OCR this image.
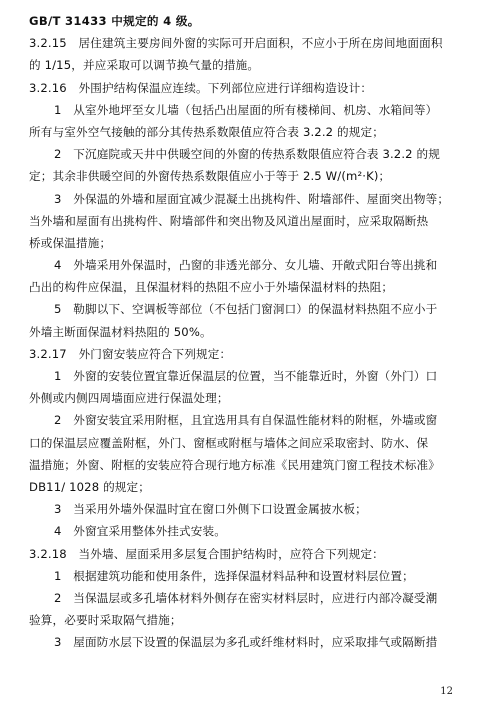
GB/T 31433 中规定的 4 级。
3.2.15　居住建筑主要房间外窗的实际可开启面积，不应小于所在房间地面面积
的 1/15，并应采取可以调节换气量的措施。
3.2.16　外围护结构保温应连续。下列部位应进行详细构造设计：
1　从室外地坪至女儿墙（包括凸出屋面的所有楼梯间、机房、水箱间等）
所有与室外空气接触的部分其传热系数限值应符合表 3.2.2 的规定；
2　下沉庭院或天井中供暖空间的外窗的传热系数限值应符合表 3.2.2 的规
定；其余非供暖空间的外窗传热系数限值应小于等于 2.5 W/(m²·K)；
3　外保温的外墙和屋面宜减少混凝土出挑构件、附墙部件、屋面突出物等；
当外墙和屋面有出挑构件、附墙部件和突出物及风道出屋面时，应采取隔断热
桥或保温措施；
4　外墙采用外保温时，凸窗的非透光部分、女儿墙、开敞式阳台等出挑和
凸出的构件应保温，且保温材料的热阻不应小于外墙保温材料的热阻；
5　勒脚以下、空调板等部位（不包括门窗洞口）的保温材料热阻不应小于
外墙主断面保温材料热阻的 50%。
3.2.17　外门窗安装应符合下列规定：
1　外窗的安装位置宜靠近保温层的位置，当不能靠近时，外窗（外门）口
外侧或内侧四周墙面应进行保温处理；
2　外窗安装宜采用附框，且宜选用具有自保温性能材料的附框，外墙或窗
口的保温层应覆盖附框，外门、窗框或附框与墙体之间应采取密封、防水、保
温措施；外窗、附框的安装应符合现行地方标准《民用建筑门窗工程技术标准》
DB11/ 1028 的规定；
3　当采用外墙外保温时宜在窗口外侧下口设置金属披水板；
4　外窗宜采用整体外挂式安装。
3.2.18　当外墙、屋面采用多层复合围护结构时，应符合下列规定：
1　根据建筑功能和使用条件，选择保温材料品种和设置材料层位置；
2　当保温层或多孔墙体材料外侧存在密实材料层时，应进行内部冷凝受潮
验算，必要时采取隔气措施；
3　屋面防水层下设置的保温层为多孔或纤维材料时，应采取排气或隔断措
12
